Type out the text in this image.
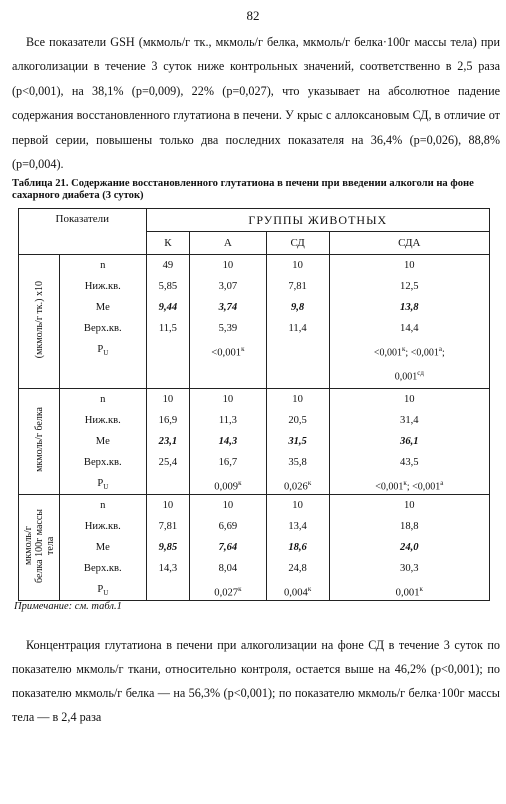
82
Все показатели GSH (мкмоль/г тк., мкмоль/г белка, мкмоль/г белка·100г массы тела) при алкоголизации в течение 3 суток ниже контрольных значений, соответственно в 2,5 раза (p<0,001), на 38,1% (p=0,009), 22% (p=0,027), что указывает на абсолютное падение содержания восстановленного глутатиона в печени. У крыс с аллоксановым СД, в отличие от первой серии, повышены только два последних показателя на 36,4% (p=0,026), 88,8% (p=0,004).
Таблица 21. Содержание восстановленного глутатиона в печени при введении алкоголи на фоне сахарного диабета (3 суток)
Показатели		ГРУППЫ ЖИВОТНЫХ			
		К	А	СД	СДА
(мкмоль/г тк.) х10	n	49	10	10	10

	Ниж.кв.	5,85	3,07	7,81	12,5

	Me	9,44	3,74	9,8	13,8

	Верх.кв.	11,5	5,39	11,4	14,4

	$P_U$		$<0,001^к$		$<0,001^к$; $<0,001^а$;
$0,001^{сд}$

мкмоль/г белка	n	10	10	10	10

	Ниж.кв.	16,9	11,3	20,5	31,4

	Me	23,1	14,3	31,5	36,1

	Верх.кв.	25,4	16,7	35,8	43,5

	$P_U$		$0,009^к$	$0,026^к$	$<0,001^к$; $<0,001^а$

мкмоль/г
белка 100г массы
тела	n	10	10	10	10

	Ниж.кв.	7,81	6,69	13,4	18,8

	Me	9,85	7,64	18,6	24,0

	Верх.кв.	14,3	8,04	24,8	30,3

	$P_U$		$0,027^к$	$0,004^к$	$0,001^к$
Примечание: см. табл.1
Концентрация глутатиона в печени при алкоголизации на фоне СД в течение 3 суток по показателю мкмоль/г ткани, относительно контроля, остается выше на 46,2% (p<0,001); по показателю мкмоль/г белка — на 56,3% (p<0,001); по показателю мкмоль/г белка·100г массы тела — в 2,4 раза
